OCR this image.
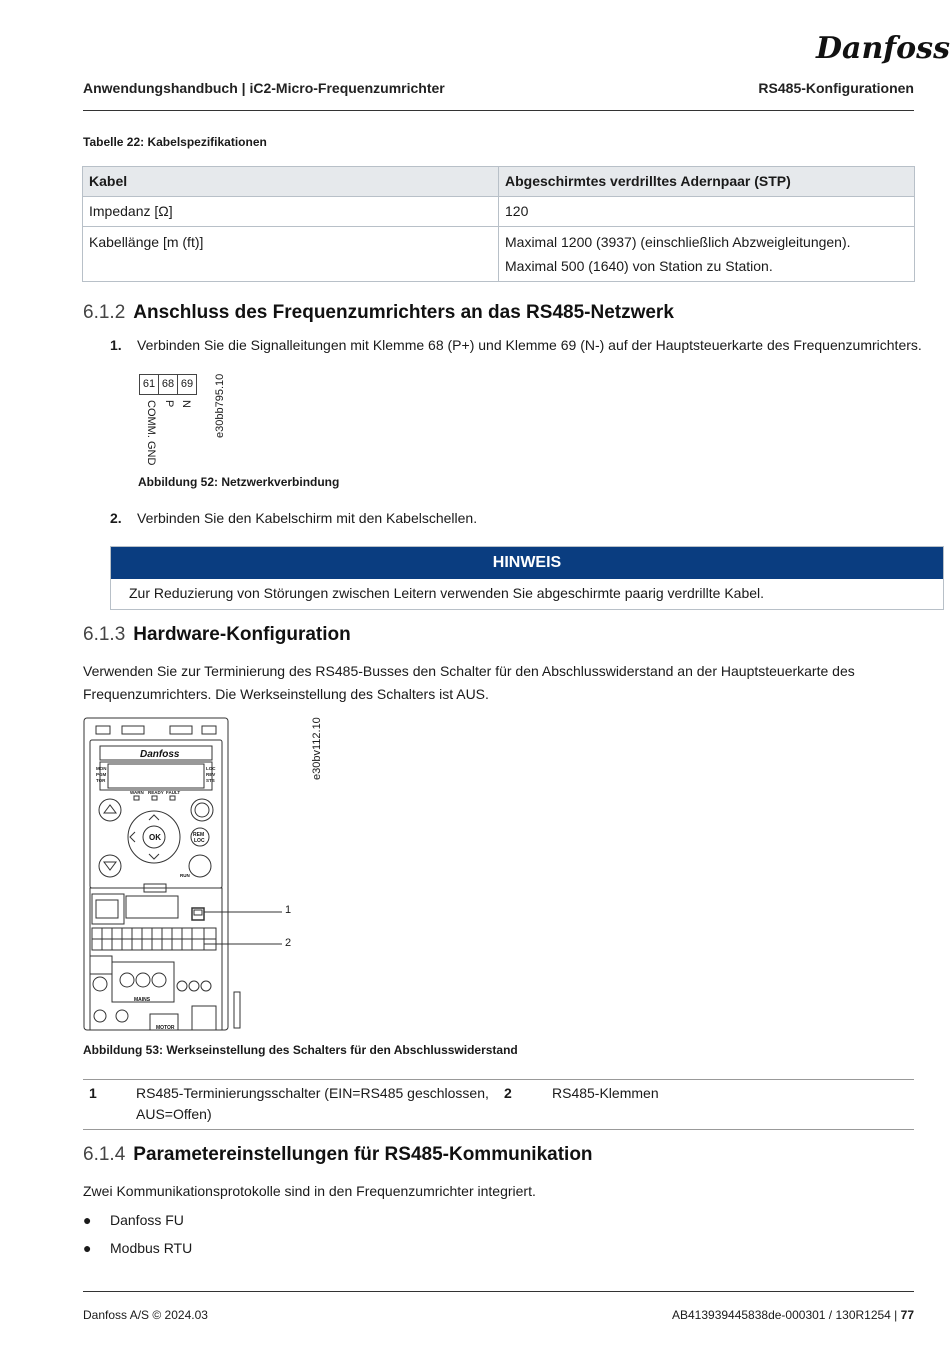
Danfoss
Anwendungshandbuch | iC2-Micro-Frequenzumrichter	RS485-Konfigurationen
Tabelle 22: Kabelspezifikationen
Kabel	Abgeschirmtes verdrilltes Adernpaar (STP)
Impedanz [Ω]	120
Kabellänge [m (ft)]	Maximal 1200 (3937) (einschließlich Abzweigleitungen).
Maximal 500 (1640) von Station zu Station.
6.1.2 Anschluss des Frequenzumrichters an das RS485-Netzwerk
1. Verbinden Sie die Signalleitungen mit Klemme 68 (P+) und Klemme 69 (N-) auf der Hauptsteuerkarte des Frequenzumrichters.
61 68 69
COMM. GND P N e30bb795.10
Abbildung 52: Netzwerkverbindung
2. Verbinden Sie den Kabelschirm mit den Kabelschellen.
HINWEIS
Zur Reduzierung von Störungen zwischen Leitern verwenden Sie abgeschirmte paarig verdrillte Kabel.
6.1.3 Hardware-Konfiguration
Verwenden Sie zur Terminierung des RS485-Busses den Schalter für den Abschlusswiderstand an der Hauptsteuerkarte des
Frequenzumrichters. Die Werkseinstellung des Schalters ist AUS.
Danfoss
MON
PGM
TOR
LOC
REV
STS
WARN READY FAULT
OK	REM
LOC
RUN
MAINS
MOTOR
1
2
e30bv112.10
Abbildung 53: Werkseinstellung des Schalters für den Abschlusswiderstand
1	RS485-Terminierungsschalter (EIN=RS485 geschlossen,
AUS=Offen)
2	RS485-Klemmen
6.1.4 Parametereinstellungen für RS485-Kommunikation
Zwei Kommunikationsprotokolle sind in den Frequenzumrichter integriert.
● Danfoss FU
● Modbus RTU
Danfoss A/S © 2024.03	AB413939445838de-000301 / 130R1254 | 77
